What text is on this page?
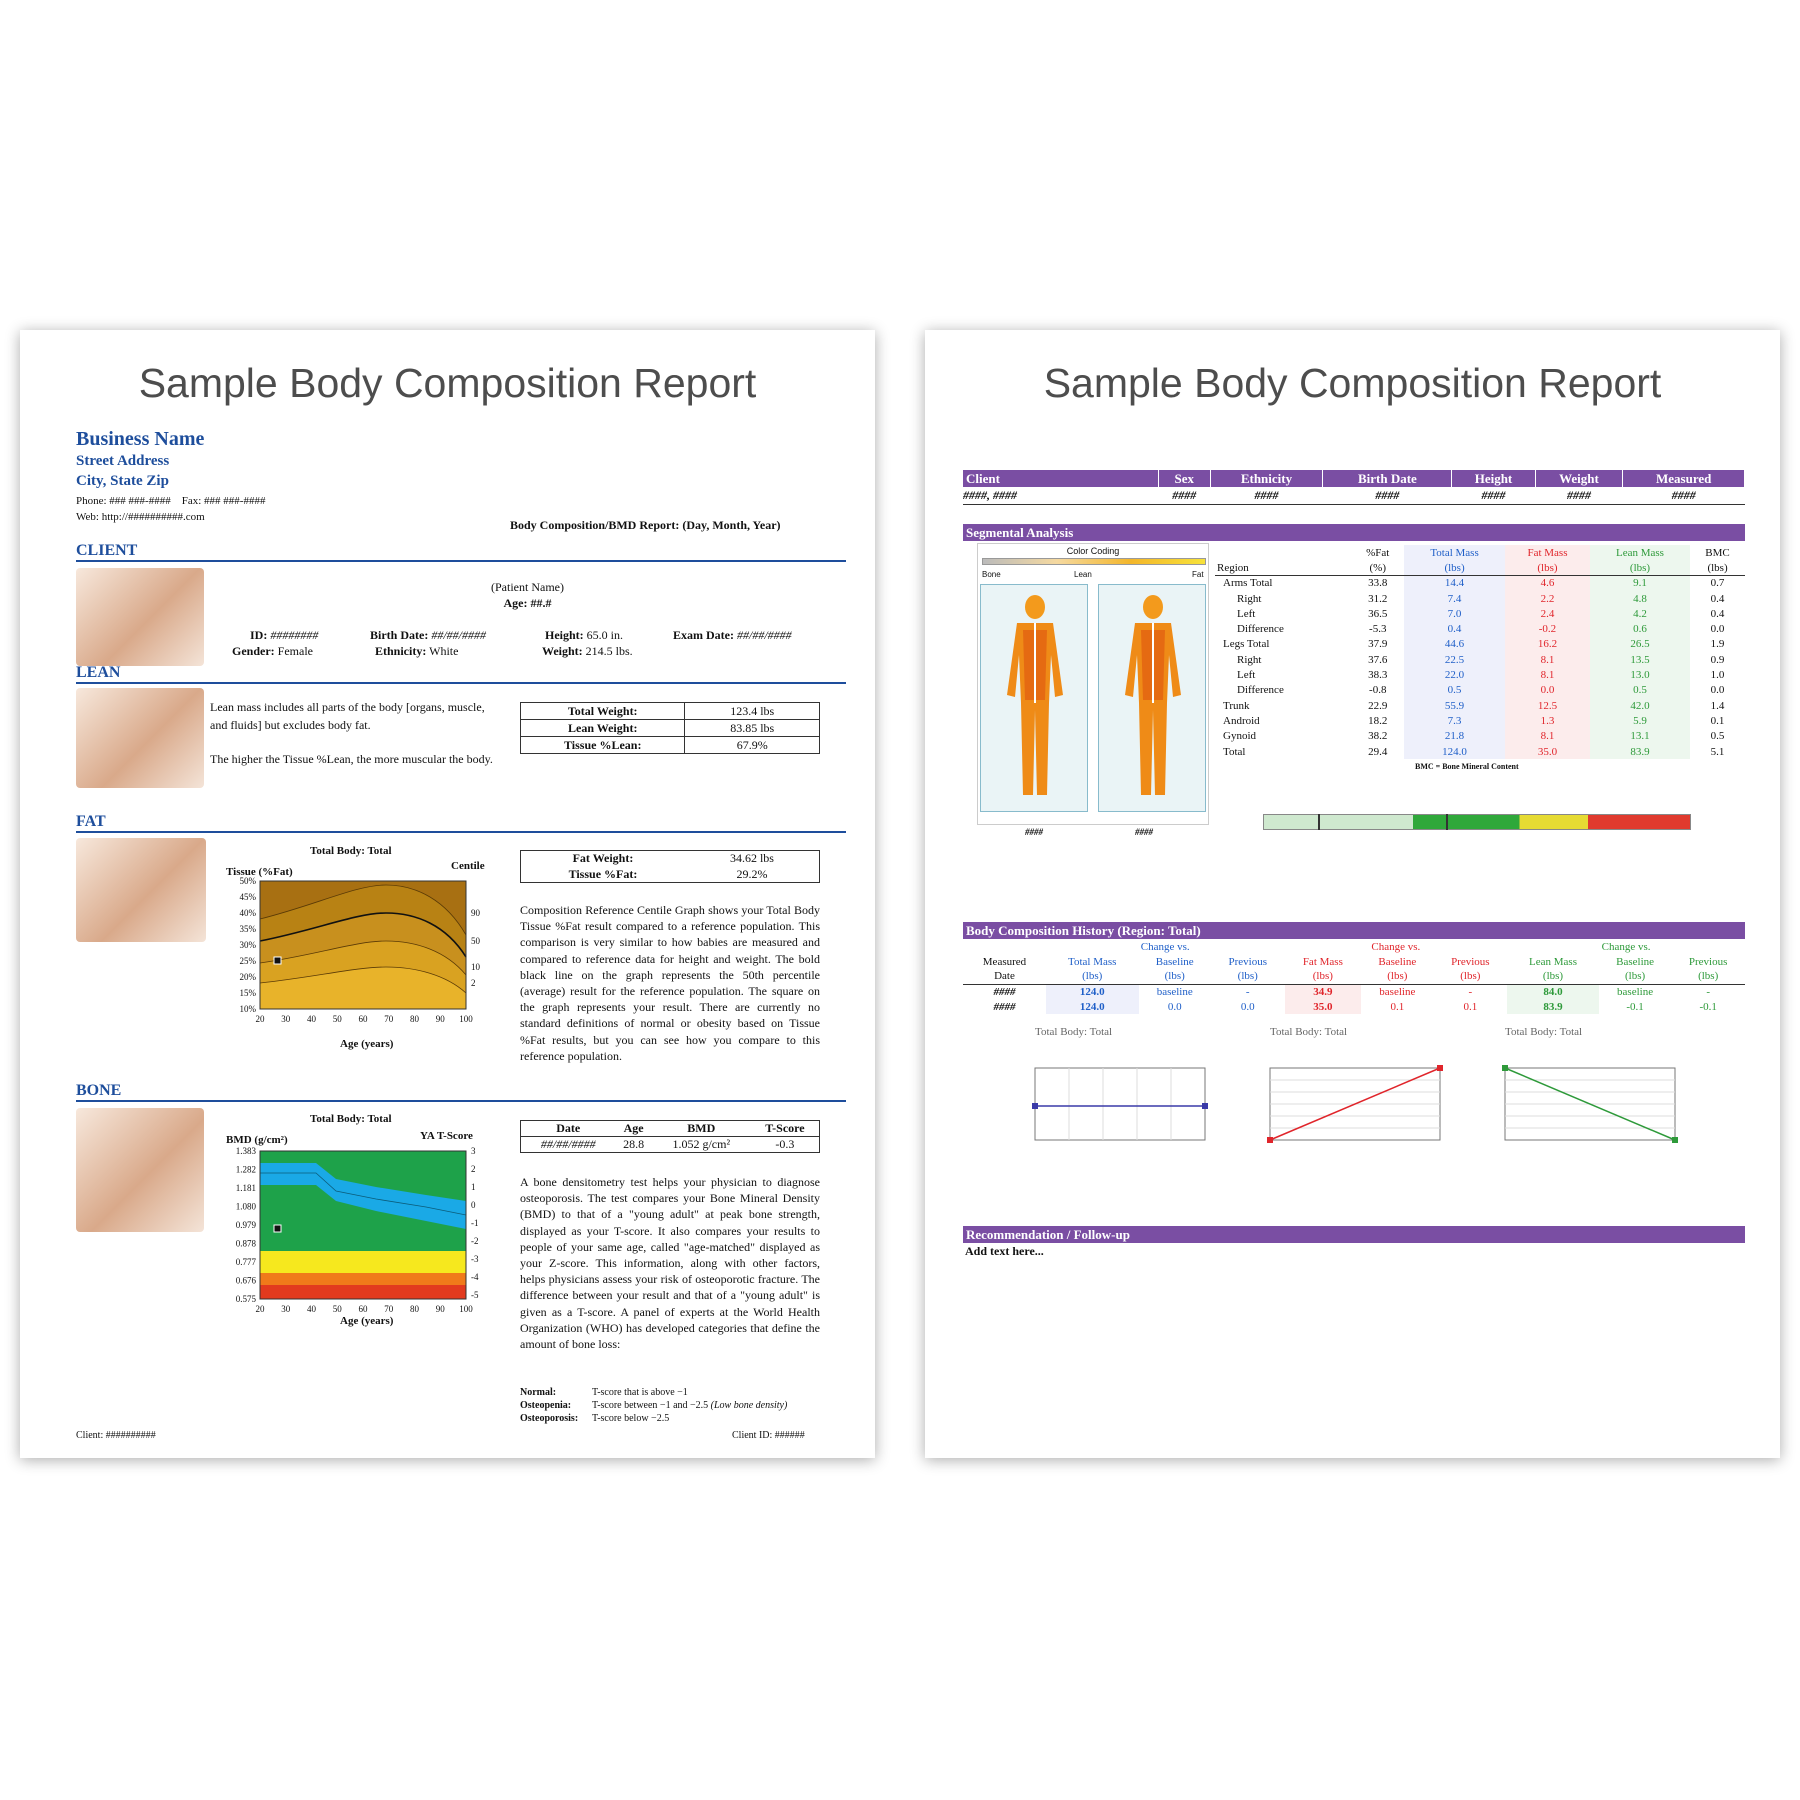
Sample Body Composition Report
Business Name
Street Address
City, State Zip
Phone: ### ###-####    Fax: ### ###-####
Web: http://##########.com
Body Composition/BMD Report: (Day, Month, Year)
CLIENT
(Patient Name)
Age: ##.#
ID: ########	Birth Date: ##/##/####	Height: 65.0 in.	Exam Date: ##/##/####
Gender: Female	Ethnicity: White	Weight: 214.5 lbs.
LEAN
Lean mass includes all parts of the body [organs, muscle, and fluids] but excludes body fat.
The higher the Tissue %Lean, the more muscular the body.
Total Weight:	123.4 lbs
Lean Weight:	83.85 lbs
Tissue %Lean:	67.9%
FAT
Total Body: Total
Tissue (%Fat)	Centile
50%
45%
40%
35%
30%
25%
20%
15%
10%
90
50
10
2
20 30 40 50 60 70 80 90 100
Age (years)
Fat Weight:	34.62 lbs
Tissue %Fat:	29.2%
Composition Reference Centile Graph shows your Total Body Tissue %Fat result compared to a reference population. This comparison is very similar to how babies are measured and compared to reference data for height and weight. The bold black line on the graph represents the 50th percentile (average) result for the reference population. The square on the graph represents your result. There are currently no standard definitions of normal or obesity based on Tissue %Fat results, but you can see how you compare to this reference population.
BONE
Total Body: Total
BMD (g/cm²)	YA T-Score
1.383
1.282
1.181
1.080
0.979
0.878
0.777
0.676
0.575
3
2
1
0
-1
-2
-3
-4
-5
20 30 40 50 60 70 80 90 100
Age (years)
Date	Age	BMD	T-Score
##/##/####	28.8	1.052 g/cm²	-0.3
A bone densitometry test helps your physician to diagnose osteoporosis. The test compares your Bone Mineral Density (BMD) to that of a "young adult" at peak bone strength, displayed as your T-score. It also compares your results to people of your same age, called "age-matched" displayed as your Z-score. This information, along with other factors, helps physicians assess your risk of osteoporotic fracture. The difference between your result and that of a "young adult" is given as a T-score. A panel of experts at the World Health Organization (WHO) has developed categories that define the amount of bone loss:
Normal:	T-score that is above −1
Osteopenia: T-score between −1 and −2.5 (Low bone density)
Osteoporosis: T-score below −2.5
Client: ##########	Client ID: ######
Sample Body Composition Report
Client	Sex	Ethnicity	Birth Date	Height	Weight	Measured
####, ####	####	####	####	####	####	####
Segmental Analysis
Color Coding
Bone	Lean	Fat
####	####
	%Fat	Total Mass	Fat Mass	Lean Mass	BMC
Region	(%)	(lbs)	(lbs)	(lbs)	(lbs)
Arms Total	33.8	14.4	4.6	9.1	0.7
Right	31.2	7.4	2.2	4.8	0.4
Left	36.5	7.0	2.4	4.2	0.4
Difference	-5.3	0.4	-0.2	0.6	0.0
Legs Total	37.9	44.6	16.2	26.5	1.9
Right	37.6	22.5	8.1	13.5	0.9
Left	38.3	22.0	8.1	13.0	1.0
Difference	-0.8	0.5	0.0	0.5	0.0
Trunk	22.9	55.9	12.5	42.0	1.4
Android	18.2	7.3	1.3	5.9	0.1
Gynoid	38.2	21.8	8.1	13.1	0.5
Total	29.4	124.0	35.0	83.9	5.1
BMC = Bone Mineral Content
Body Composition History (Region: Total)
	Change vs.			Change vs.			Change vs.		
Measured	Total Mass	Baseline	Previous	Fat Mass	Baseline	Previous	Lean Mass	Baseline	Previous
Date	(lbs)	(lbs)	(lbs)	(lbs)	(lbs)	(lbs)	(lbs)	(lbs)	(lbs)
####	124.0	baseline	-	34.9	baseline	-	84.0	baseline	-
####	124.0	0.0	0.0	35.0	0.1	0.1	83.9	-0.1	-0.1
Total Body: Total	Total Body: Total	Total Body: Total
Recommendation / Follow-up
Add text here...
